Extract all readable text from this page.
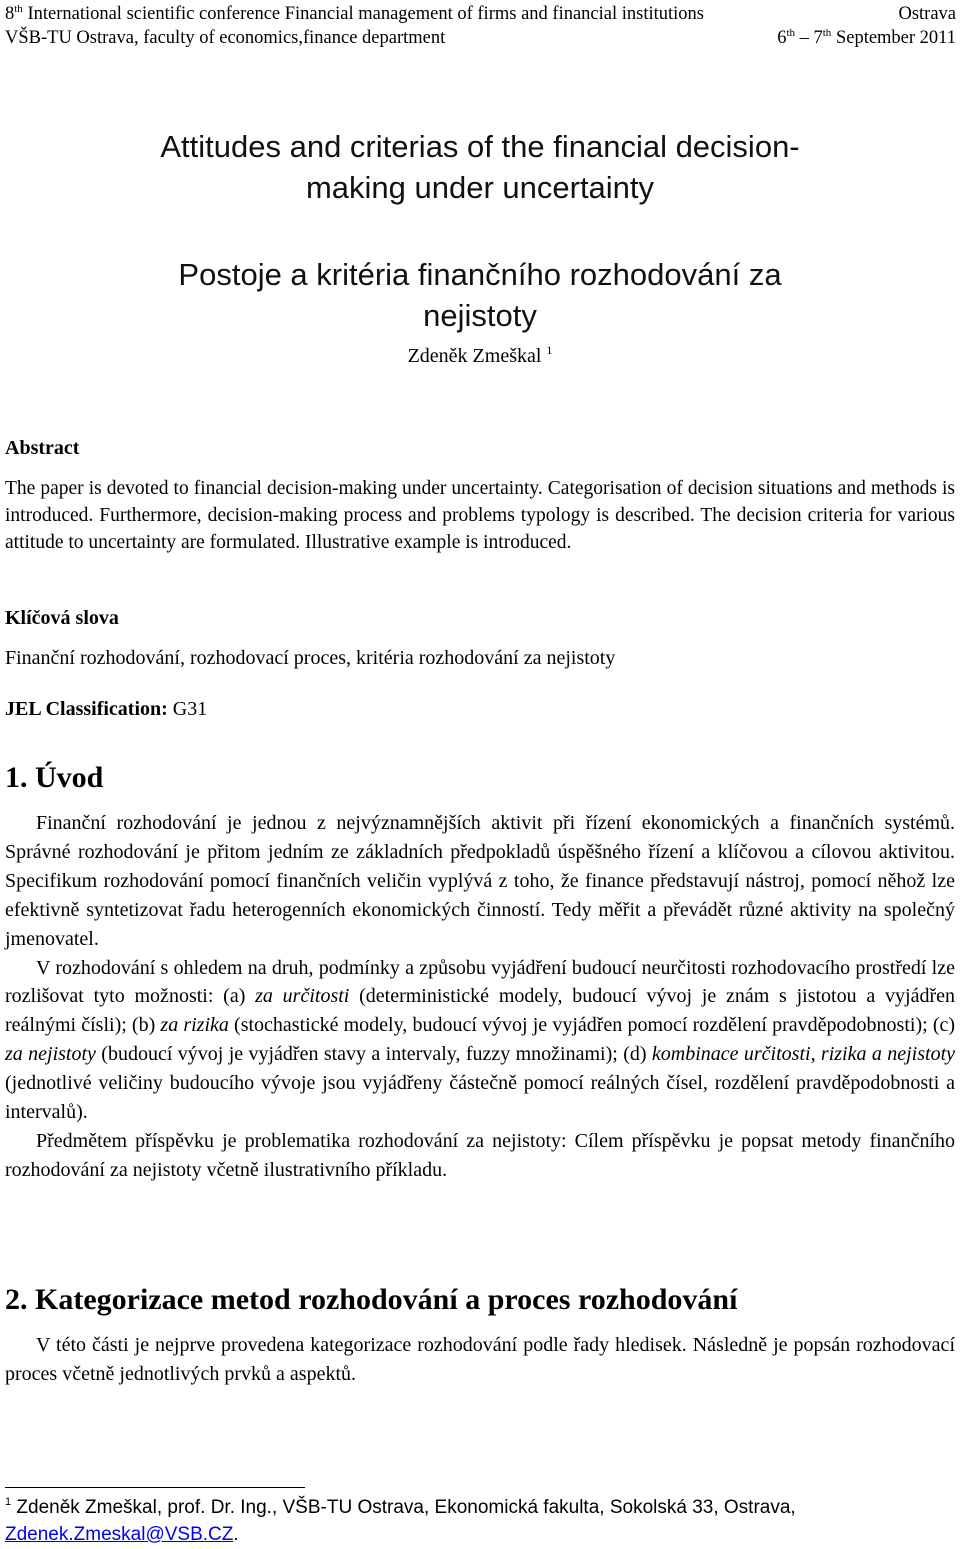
8th International scientific conference Financial management of firms and financial institutions	Ostrava
VŠB-TU Ostrava, faculty of economics,finance department	6th – 7th September 2011
Attitudes and criterias of the financial decision-
making under uncertainty
Postoje a kritéria finančního rozhodování za
nejistoty
Zdeněk Zmeškal $^1$
Abstract
The paper is devoted to financial decision-making under uncertainty. Categorisation of decision situations and methods is introduced. Furthermore, decision-making process and problems typology is described. The decision criteria for various attitude to uncertainty are formulated. Illustrative example is introduced.
Klíčová slova
Finanční rozhodování, rozhodovací proces, kritéria rozhodování za nejistoty
JEL Classification: G31
1. Úvod

Finanční rozhodování je jednou z nejvýznamnějších aktivit při řízení ekonomických a finančních systémů. Správné rozhodování je přitom jedním ze základních předpokladů úspěšného řízení a klíčovou a cílovou aktivitou. Specifikum rozhodování pomocí finančních veličin vyplývá z toho, že finance představují nástroj, pomocí něhož lze efektivně syntetizovat řadu heterogenních ekonomických činností. Tedy měřit a převádět různé aktivity na společný jmenovatel.

V rozhodování s ohledem na druh, podmínky a způsobu vyjádření budoucí neurčitosti rozhodovacího prostředí lze rozlišovat tyto možnosti: (a) za určitosti (deterministické modely, budoucí vývoj je znám s jistotou a vyjádřen reálnými čísli); (b) za rizika (stochastické modely, budoucí vývoj je vyjádřen pomocí rozdělení pravděpodobnosti); (c) za nejistoty (budoucí vývoj je vyjádřen stavy a intervaly, fuzzy množinami); (d) kombinace určitosti, rizika a nejistoty (jednotlivé veličiny budoucího vývoje jsou vyjádřeny částečně pomocí reálných čísel, rozdělení pravděpodobnosti a intervalů).

Předmětem příspěvku je problematika rozhodování za nejistoty: Cílem příspěvku je popsat metody finančního rozhodování za nejistoty včetně ilustrativního příkladu.

2. Kategorizace metod rozhodování a proces rozhodování

V této části je nejprve provedena kategorizace rozhodování podle řady hledisek. Následně je popsán rozhodovací proces včetně jednotlivých prvků a aspektů.

$^1$ Zdeněk Zmeškal, prof. Dr. Ing., VŠB-TU Ostrava, Ekonomická fakulta, Sokolská 33, Ostrava,
Zdenek.Zmeskal@VSB.CZ.
